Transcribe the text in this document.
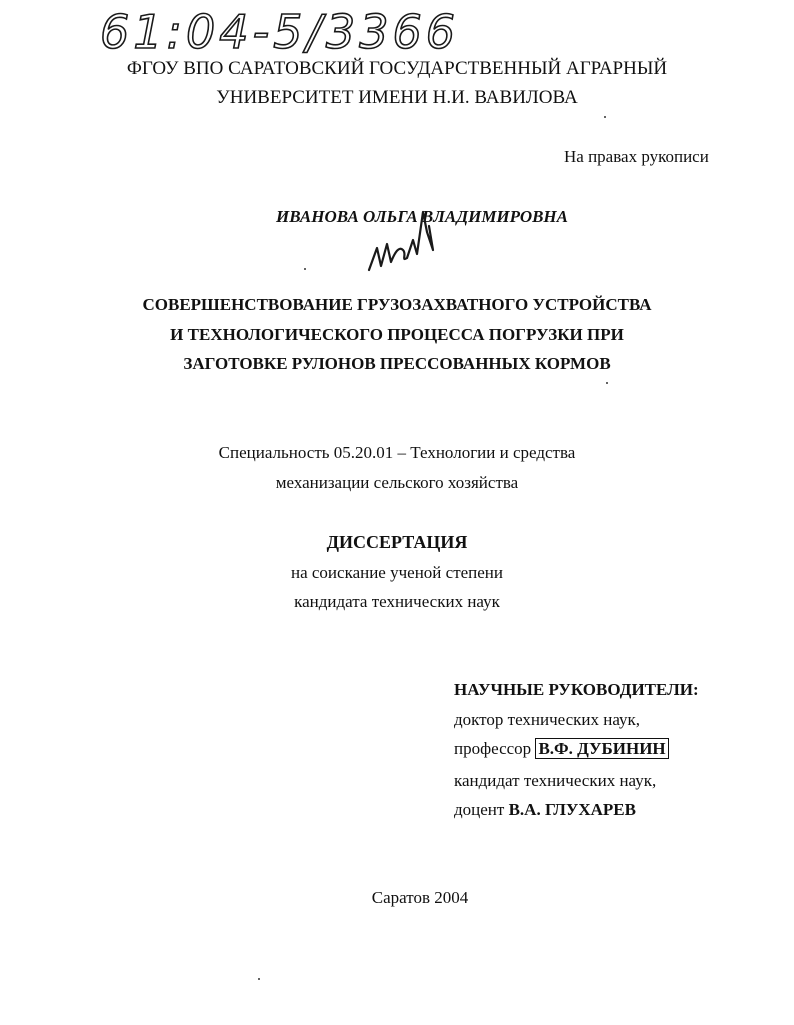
61:04-5/3366
ФГОУ ВПО САРАТОВСКИЙ ГОСУДАРСТВЕННЫЙ АГРАРНЫЙ
УНИВЕРСИТЕТ ИМЕНИ Н.И. ВАВИЛОВА
На правах рукописи
ИВАНОВА ОЛЬГА ВЛАДИМИРОВНА
СОВЕРШЕНСТВОВАНИЕ ГРУЗОЗАХВАТНОГО УСТРОЙСТВА
И ТЕХНОЛОГИЧЕСКОГО ПРОЦЕССА ПОГРУЗКИ ПРИ
ЗАГОТОВКЕ РУЛОНОВ ПРЕССОВАННЫХ КОРМОВ
Специальность 05.20.01 – Технологии и средства
механизации сельского хозяйства
ДИССЕРТАЦИЯ
на соискание ученой степени
кандидата технических наук
НАУЧНЫЕ РУКОВОДИТЕЛИ:
доктор технических наук,
профессор В.Ф. ДУБИНИН
кандидат технических наук,
доцент В.А. ГЛУХАРЕВ
Саратов 2004
